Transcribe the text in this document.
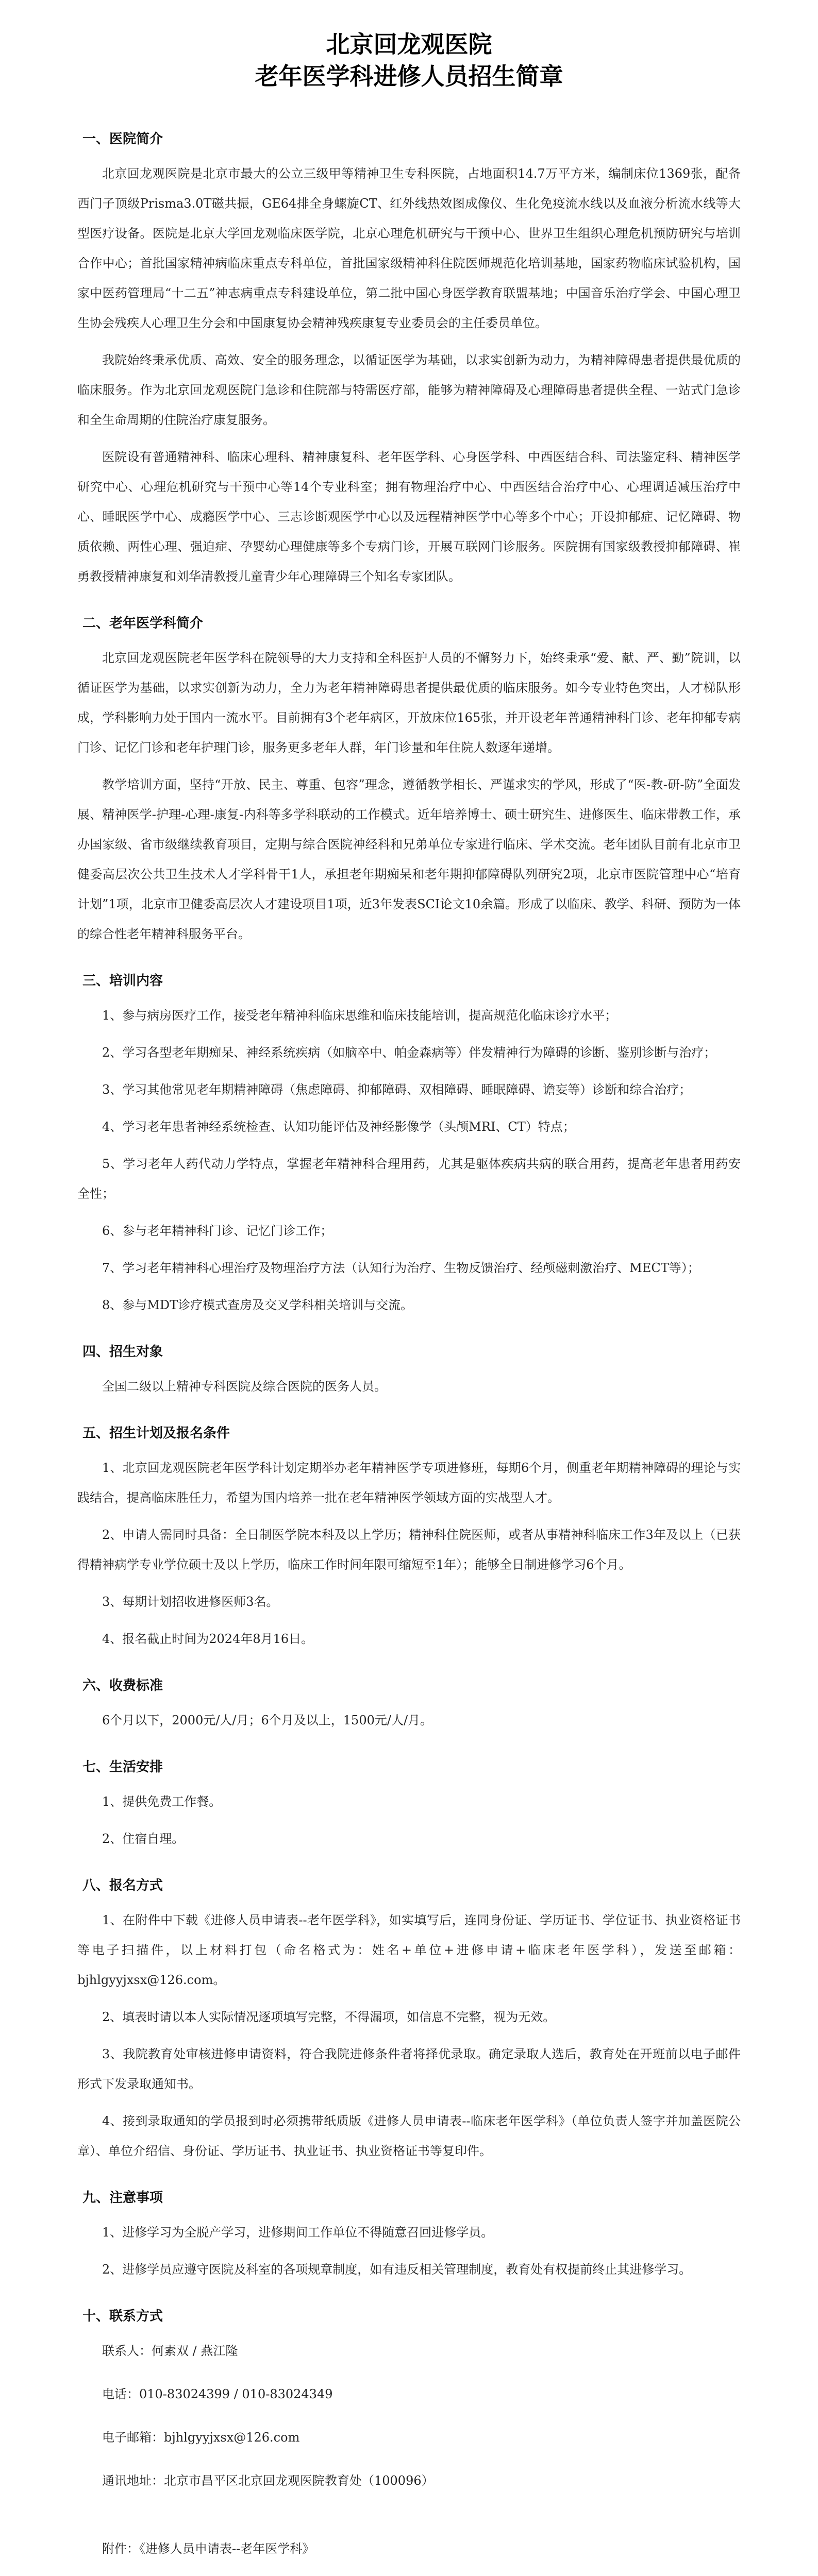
北京回龙观医院
老年医学科进修人员招生简章
一、医院简介

北京回龙观医院是北京市最大的公立三级甲等精神卫生专科医院，占地面积14.7万平方米，编制床位1369张，配备西门子顶级Prisma3.0T磁共振，GE64排全身螺旋CT、红外线热效图成像仪、生化免疫流水线以及血液分析流水线等大型医疗设备。医院是北京大学回龙观临床医学院，北京心理危机研究与干预中心、世界卫生组织心理危机预防研究与培训合作中心；首批国家精神病临床重点专科单位，首批国家级精神科住院医师规范化培训基地，国家药物临床试验机构，国家中医药管理局“十二五”神志病重点专科建设单位，第二批中国心身医学教育联盟基地；中国音乐治疗学会、中国心理卫生协会残疾人心理卫生分会和中国康复协会精神残疾康复专业委员会的主任委员单位。

我院始终秉承优质、高效、安全的服务理念，以循证医学为基础，以求实创新为动力，为精神障碍患者提供最优质的临床服务。作为北京回龙观医院门急诊和住院部与特需医疗部，能够为精神障碍及心理障碍患者提供全程、一站式门急诊和全生命周期的住院治疗康复服务。

医院设有普通精神科、临床心理科、精神康复科、老年医学科、心身医学科、中西医结合科、司法鉴定科、精神医学研究中心、心理危机研究与干预中心等14个专业科室；拥有物理治疗中心、中西医结合治疗中心、心理调适减压治疗中心、睡眠医学中心、成瘾医学中心、三志诊断观医学中心以及远程精神医学中心等多个中心；开设抑郁症、记忆障碍、物质依赖、两性心理、强迫症、孕婴幼心理健康等多个专病门诊，开展互联网门诊服务。医院拥有国家级教授抑郁障碍、崔勇教授精神康复和刘华清教授儿童青少年心理障碍三个知名专家团队。

二、老年医学科简介

北京回龙观医院老年医学科在院领导的大力支持和全科医护人员的不懈努力下，始终秉承“爱、献、严、勤”院训，以循证医学为基础，以求实创新为动力，全力为老年精神障碍患者提供最优质的临床服务。如今专业特色突出，人才梯队形成，学科影响力处于国内一流水平。目前拥有3个老年病区，开放床位165张，并开设老年普通精神科门诊、老年抑郁专病门诊、记忆门诊和老年护理门诊，服务更多老年人群，年门诊量和年住院人数逐年递增。

教学培训方面，坚持“开放、民主、尊重、包容”理念，遵循教学相长、严谨求实的学风，形成了“医-教-研-防”全面发展、精神医学-护理-心理-康复-内科等多学科联动的工作模式。近年培养博士、硕士研究生、进修医生、临床带教工作，承办国家级、省市级继续教育项目，定期与综合医院神经科和兄弟单位专家进行临床、学术交流。老年团队目前有北京市卫健委高层次公共卫生技术人才学科骨干1人，承担老年期痴呆和老年期抑郁障碍队列研究2项，北京市医院管理中心“培育计划”1项，北京市卫健委高层次人才建设项目1项，近3年发表SCI论文10余篇。形成了以临床、教学、科研、预防为一体的综合性老年精神科服务平台。

三、培训内容

1、参与病房医疗工作，接受老年精神科临床思维和临床技能培训，提高规范化临床诊疗水平；

2、学习各型老年期痴呆、神经系统疾病（如脑卒中、帕金森病等）伴发精神行为障碍的诊断、鉴别诊断与治疗；

3、学习其他常见老年期精神障碍（焦虑障碍、抑郁障碍、双相障碍、睡眠障碍、谵妄等）诊断和综合治疗；

4、学习老年患者神经系统检查、认知功能评估及神经影像学（头颅MRI、CT）特点；

5、学习老年人药代动力学特点，掌握老年精神科合理用药，尤其是躯体疾病共病的联合用药，提高老年患者用药安全性；

6、参与老年精神科门诊、记忆门诊工作；

7、学习老年精神科心理治疗及物理治疗方法（认知行为治疗、生物反馈治疗、经颅磁刺激治疗、MECT等）；

8、参与MDT诊疗模式查房及交叉学科相关培训与交流。

四、招生对象

全国二级以上精神专科医院及综合医院的医务人员。

五、招生计划及报名条件

1、北京回龙观医院老年医学科计划定期举办老年精神医学专项进修班，每期6个月，侧重老年期精神障碍的理论与实践结合，提高临床胜任力，希望为国内培养一批在老年精神医学领域方面的实战型人才。

2、申请人需同时具备：全日制医学院本科及以上学历；精神科住院医师，或者从事精神科临床工作3年及以上（已获得精神病学专业学位硕士及以上学历，临床工作时间年限可缩短至1年）；能够全日制进修学习6个月。

3、每期计划招收进修医师3名。

4、报名截止时间为2024年8月16日。

六、收费标准

6个月以下，2000元/人/月；6个月及以上，1500元/人/月。

七、生活安排

1、提供免费工作餐。

2、住宿自理。

八、报名方式

1、在附件中下载《进修人员申请表--老年医学科》，如实填写后，连同身份证、学历证书、学位证书、执业资格证书等电子扫描件，以上材料打包（命名格式为：姓名+单位+进修申请+临床老年医学科），发送至邮箱：bjhlgyyjxsx@126.com。

2、填表时请以本人实际情况逐项填写完整，不得漏项，如信息不完整，视为无效。

3、我院教育处审核进修申请资料，符合我院进修条件者将择优录取。确定录取人选后，教育处在开班前以电子邮件形式下发录取通知书。

4、接到录取通知的学员报到时必须携带纸质版《进修人员申请表--临床老年医学科》（单位负责人签字并加盖医院公章）、单位介绍信、身份证、学历证书、执业证书、执业资格证书等复印件。

九、注意事项

1、进修学习为全脱产学习，进修期间工作单位不得随意召回进修学员。

2、进修学员应遵守医院及科室的各项规章制度，如有违反相关管理制度，教育处有权提前终止其进修学习。

十、联系方式

联系人：何素双 / 燕江隆

电话：010-83024399 / 010-83024349

电子邮箱：bjhlgyyjxsx@126.com

通讯地址：北京市昌平区北京回龙观医院教育处（100096）

附件：《进修人员申请表--老年医学科》
